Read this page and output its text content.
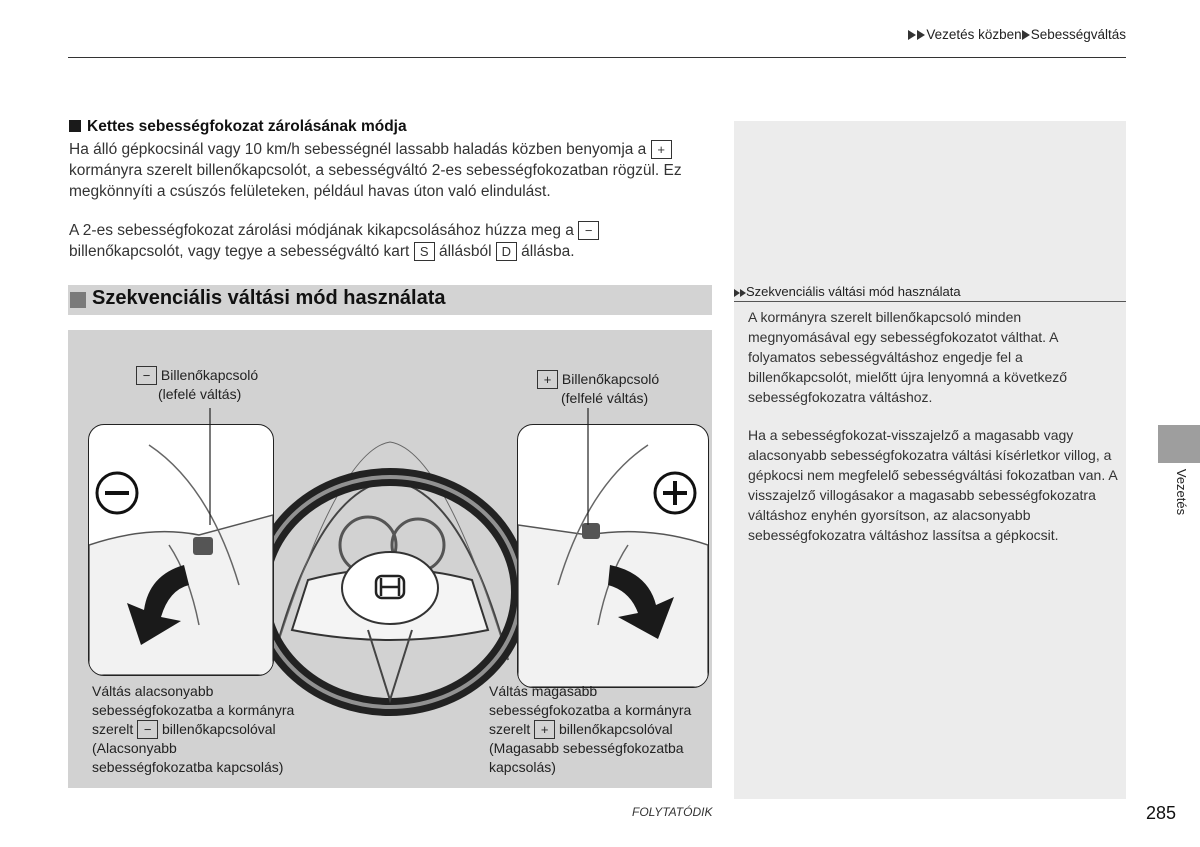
Vezetés közben Sebességváltás
Kettes sebességfokozat zárolásának módja
Ha álló gépkocsinál vagy 10 km/h sebességnél lassabb haladás közben benyomja a + kormányra szerelt billenőkapcsolót, a sebességváltó 2-es sebességfokozatban rögzül. Ez megkönnyíti a csúszós felületeken, például havas úton való elindulást.
A 2-es sebességfokozat zárolási módjának kikapcsolásához húzza meg a − billenőkapcsolót, vagy tegye a sebességváltó kart S állásból D állásba.
Szekvenciális váltási mód használata
A kormányra szerelt billenőkapcsoló minden megnyomásával egy sebességfokozatot válthat. A folyamatos sebességváltáshoz engedje fel a billenőkapcsolót, mielőtt újra lenyomná a következő sebességfokozatra váltáshoz.
Ha a sebességfokozat-visszajelző a magasabb vagy alacsonyabb sebességfokozatra váltási kísérletkor villog, a gépkocsi nem megfelelő sebességváltási fokozatban van. A visszajelző villogásakor a magasabb sebességfokozatra váltáshoz enyhén gyorsítson, az alacsonyabb sebességfokozatra váltáshoz lassítsa a gépkocsit.
Szekvenciális váltási mód használata
− Billenőkapcsoló
(lefelé váltás)
+ Billenőkapcsoló
(felfelé váltás)
Váltás alacsonyabb
sebességfokozatba a kormányra
szerelt − billenőkapcsolóval
(Alacsonyabb
sebességfokozatba kapcsolás)
Váltás magasabb
sebességfokozatba a kormányra
szerelt + billenőkapcsolóval
(Magasabb sebességfokozatba
kapcsolás)
Vezetés
FOLYTATÓDIK	285
